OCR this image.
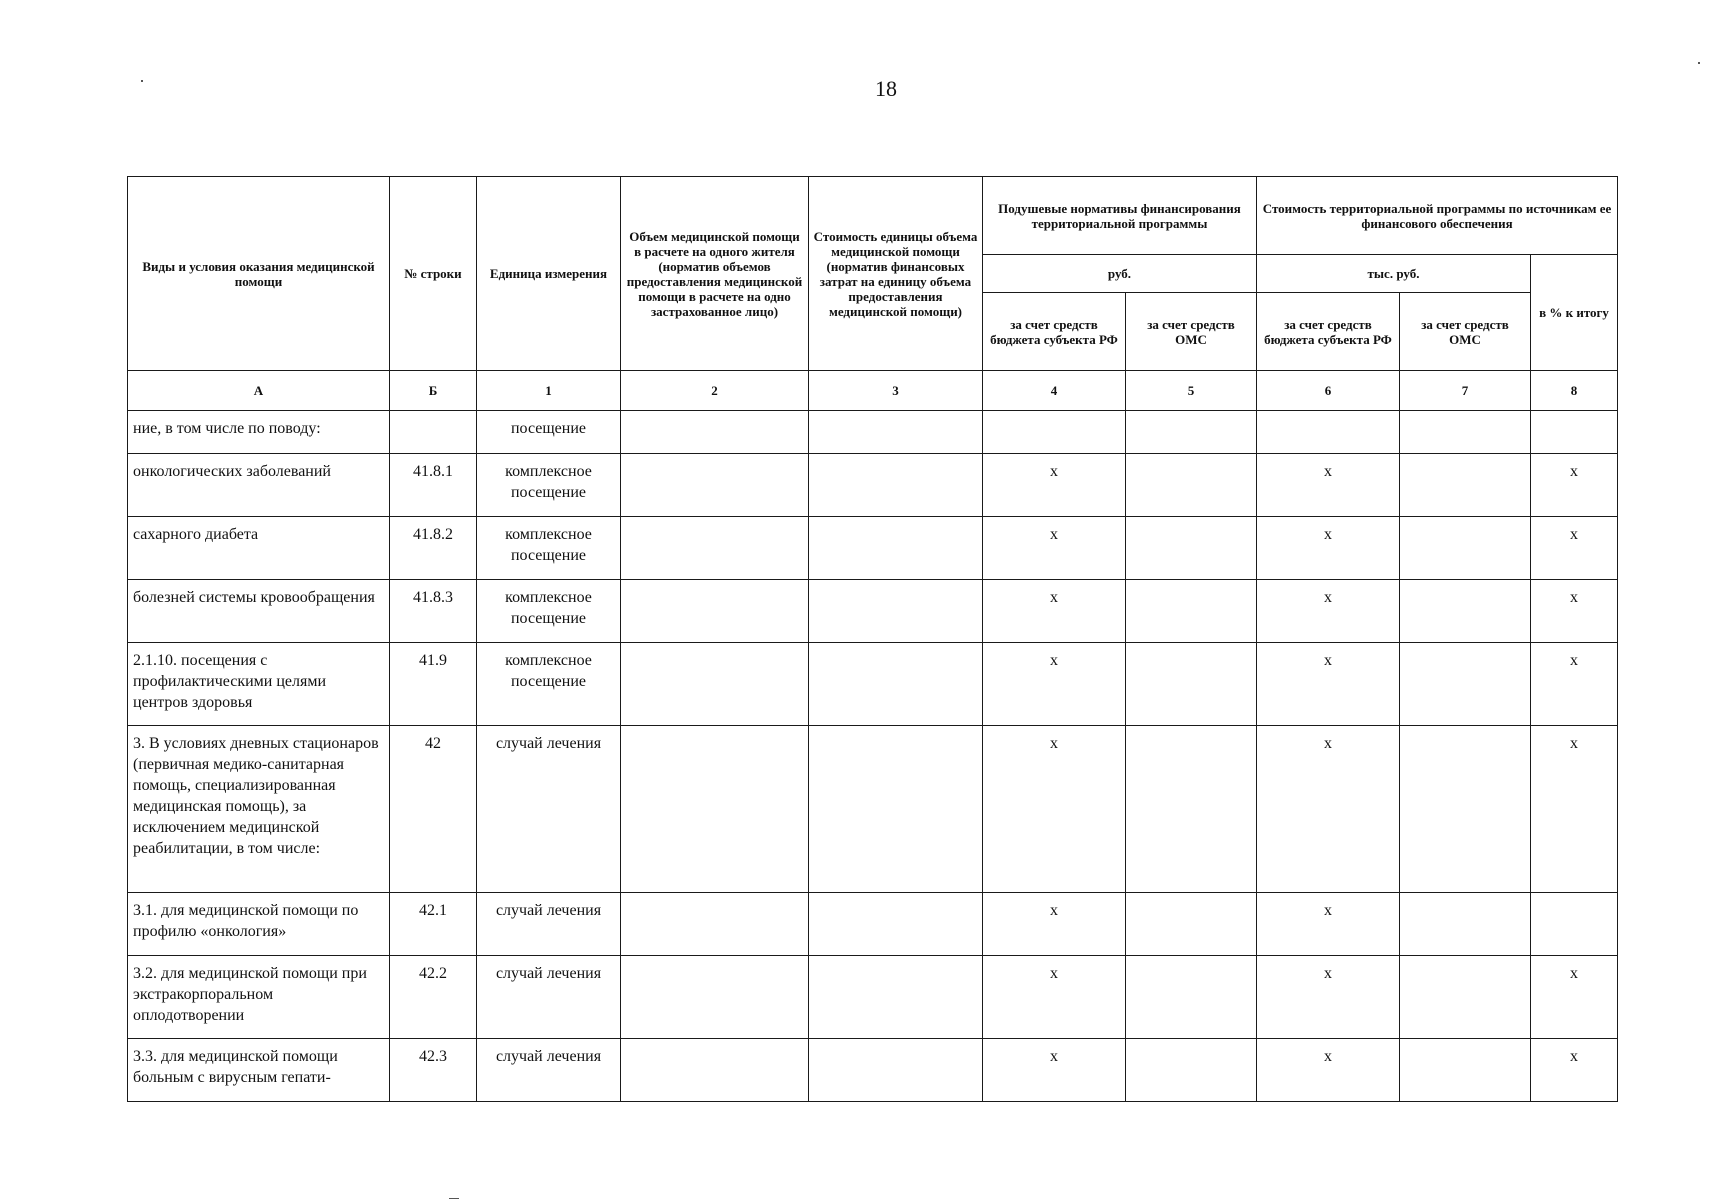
18
Виды и условия оказания медицинской помощи	№ строки	Единица измерения	Объем медицинской помощи в расчете на одного жителя (норматив объемов предоставления медицинской помощи в расчете на одно застрахованное лицо)	Стоимость единицы объема медицинской помощи (норматив финансовых затрат на единицу объема предоставления медицинской помощи)	Подушевые нормативы финансирования территориальной программы		Стоимость территориальной программы по источникам ее финансового обеспечения		
					руб.		тыс. руб.		в % к итогу
					за счет средств бюджета субъекта РФ	за счет средств ОМС	за счет средств бюджета субъекта РФ	за счет средств ОМС	
А	Б	1	2	3	4	5	6	7	8
ние, в том числе по поводу:		посещение							
онкологических заболеваний	41.8.1	комплексное посещение			x		x		x
сахарного диабета	41.8.2	комплексное посещение			x		x		x
болезней системы кровообращения	41.8.3	комплексное посещение			x		x		x
2.1.10. посещения с профилактическими целями центров здоровья	41.9	комплексное посещение			x		x		x
3. В условиях дневных стационаров (первичная медико-санитарная помощь, специализированная медицинская помощь), за исключением медицинской реабилитации, в том числе:	42	случай лечения			x		x		x
3.1. для медицинской помощи по профилю «онкология»	42.1	случай лечения			x		x		
3.2. для медицинской помощи при экстракорпоральном оплодотворении	42.2	случай лечения			x		x		x
3.3. для медицинской помощи больным с вирусным гепати-	42.3	случай лечения			x		x		x
